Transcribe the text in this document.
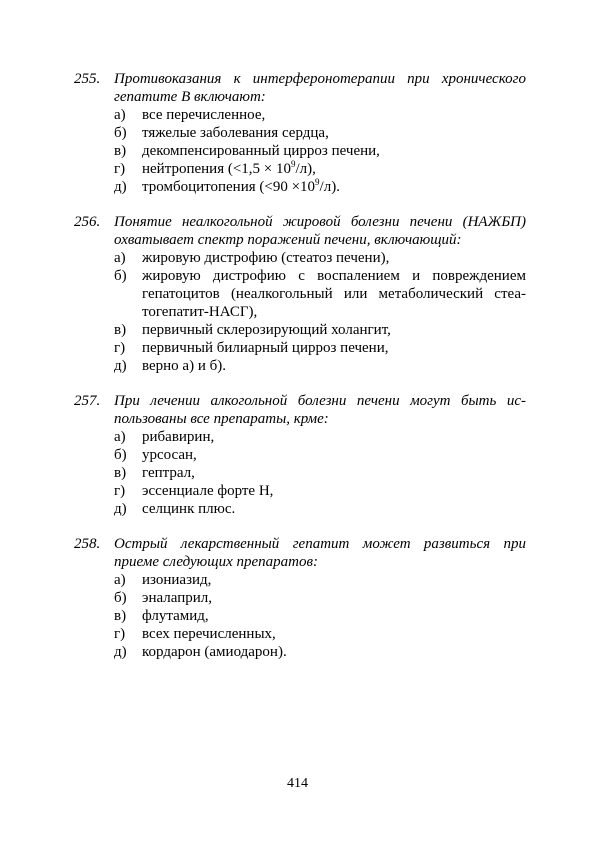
255. Противоказания к интерферонотерапии при хронического
гепатите В включают:
а)	все перечисленное,
б)	тяжелые заболевания сердца,
в)	декомпенсированный цирроз печени,
г)	нейтропения $(<1,5 \times 10^9/л)$,
д)	тромбоцитопения $(<90 \times 10^9/л)$.
256. Понятие неалкогольной жировой болезни печени (НАЖБП)
охватывает спектр поражений печени, включающий:
а)	жировую дистрофию (стеатоз печени),
б)	жировую дистрофию с воспалением и повреждением
гепатоцитов (неалкогольный или метаболический стеа-
тогепатит-НАСГ),
в)	первичный склерозирующий холангит,
г)	первичный билиарный цирроз печени,
д)	верно а) и б).
257. При лечении алкогольной болезни печени могут быть ис-
пользованы все препараты, крме:
а)	рибавирин,
б)	урсосан,
в)	гептрал,
г)	эссенциале форте Н,
д)	селцинк плюс.
258. Острый лекарственный гепатит может развиться при
приеме следующих препаратов:
а)	изониазид,
б)	эналаприл,
в)	флутамид,
г)	всех перечисленных,
д)	кордарон (амиодарон).
414
